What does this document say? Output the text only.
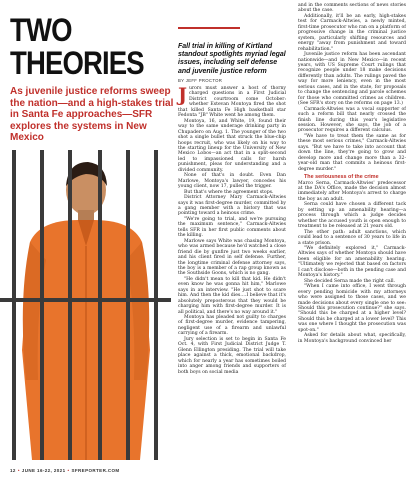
TWO
THEORIES
As juvenile justice reforms sweep the nation—and a high-stakes trial in Santa Fe approaches—SFR explores the systems in New Mexico
12 • JUNE 16-22, 2021 • SFREPORTER.COM
Fall trial in killing of Kirtland standout spotlights myriad legal issues, including self defense and juvenile justice reform
BY JEFF PROCTOR

Jurors must answer a host of thorny charged questions in a First Judicial District courtroom come October: whether Estevan Montoya fired the shot that killed Santa Fe High basketball star Fedonta "JB" White went he among them.

Montoya, 16, and White, 19, found their way to the same underage drinking party in Chupadero on Aug. 1. The younger of the two shot a single bullet that struck the blue-chip hoops recruit, who was likely on his way to the starting lineup for the University of New Mexico Lobos—an act that in a split-second led to impassioned calls for harsh punishment, pleas for understanding and a divided community.

None of that's in doubt. Even Dan Marlowe, Montoya's lawyer, concedes his young client, now 17, pulled the trigger.

But that's where the agreement stops.

District Attorney Mary Carmack-Altwies says it was first-degree murder, committed by a gang member with a history that was pointing toward a heinous crime.

"We're going to trial, and we're pursuing the maximum sentence," Carmack-Altwies tells SFR in her first public comments about the killing.

Marlowe says White was chasing Montoya, who was armed because he'd watched a close friend die by gunfire just two weeks earlier, and his client fired in self defense. Further, the longtime criminal defense attorney says, the boy is a member of a rap group known as the Southside Goons, which is no gang.

"He didn't mean to kill that kid. He didn't even know he was gonna hit him," Marlowe says in an interview. "He just shot to scare him. And then the kid dies….I believe that it's absolutely preposterous that they would be charging him with first-degree murder. It is all political, and there's no way around it."

Montoya has pleaded not guilty to charges of first-degree murder, evidence tampering, negligent use of a firearm and unlawful carrying of a firearm.

Jury selection is set to begin in Santa Fe Oct. 4, with First Judicial District Judge T. Glenn Ellington presiding. The trial will take place against a thick, emotional backdrop, which for nearly a year has sometimes boiled into anger among friends and supporters of both boys on social media

and in the comments sections of news stories about the case.

Additionally, it'll be an early, high-stakes test for Carmack-Altwies, a newly minted, first-time prosecutor who ran on a platform of progressive change in the criminal justice system, particularly shifting resources and energy "away from punishment and toward rehabilitation."

Juvenile justice reform has been ascendant nationwide—and in New Mexico—in recent years, with US Supreme Court rulings that recognize people under 18 make decisions differently than adults. The rulings paved the way for more leniency, even in the most serious cases, and in the state, for proposals to change the sentencing and parole schemes for those who committed crimes as children. (See SFR's story on the reforms on page 13.)

Carmack-Altwies was a vocal supporter of such a reform bill that nearly crossed the finish line during this year's legislative session. However, she says, the job of a prosecutor requires a different calculus.

"We have to treat them the same as for these most serious crimes," Carmack-Altwies says. "But we have to take into account that down the line, they're going to grow and develop more and change more than a 32-year-old man that commits a heinous first-degree murder."

The seriousness of the crime

Marco Serna, Carmack-Altwies' predecessor at the DA's Office, made the decision almost immediately after Montoya's arrest to charge the boy as an adult.

Serna could have chosen a different tack by setting up an amenability hearing—a process through which a judge decides whether the accused youth is open enough to treatment to be released at 21 years old.

The other path: adult sanctions, which could lead to a sentence of 30 years to life in a state prison.

"We definitely explored it," Carmack-Altwies says of whether Montoya should have been eligible for an amenability hearing. "Ultimately we rejected that based on factors I can't disclose—both in the pending case and Montoya's history."

She decided Serna made the right call.

"When I came into office, I went through every pending homicide with my attorneys who were assigned to those cases, and we made decisions about every single one to see: Should this prosecution continue?" she says. "Should this be charged at a higher level? Should this be charged at a lower level? This was one where I thought the prosecution was spot-on."

Asked for details about what, specifically, in Montoya's background convinced her
